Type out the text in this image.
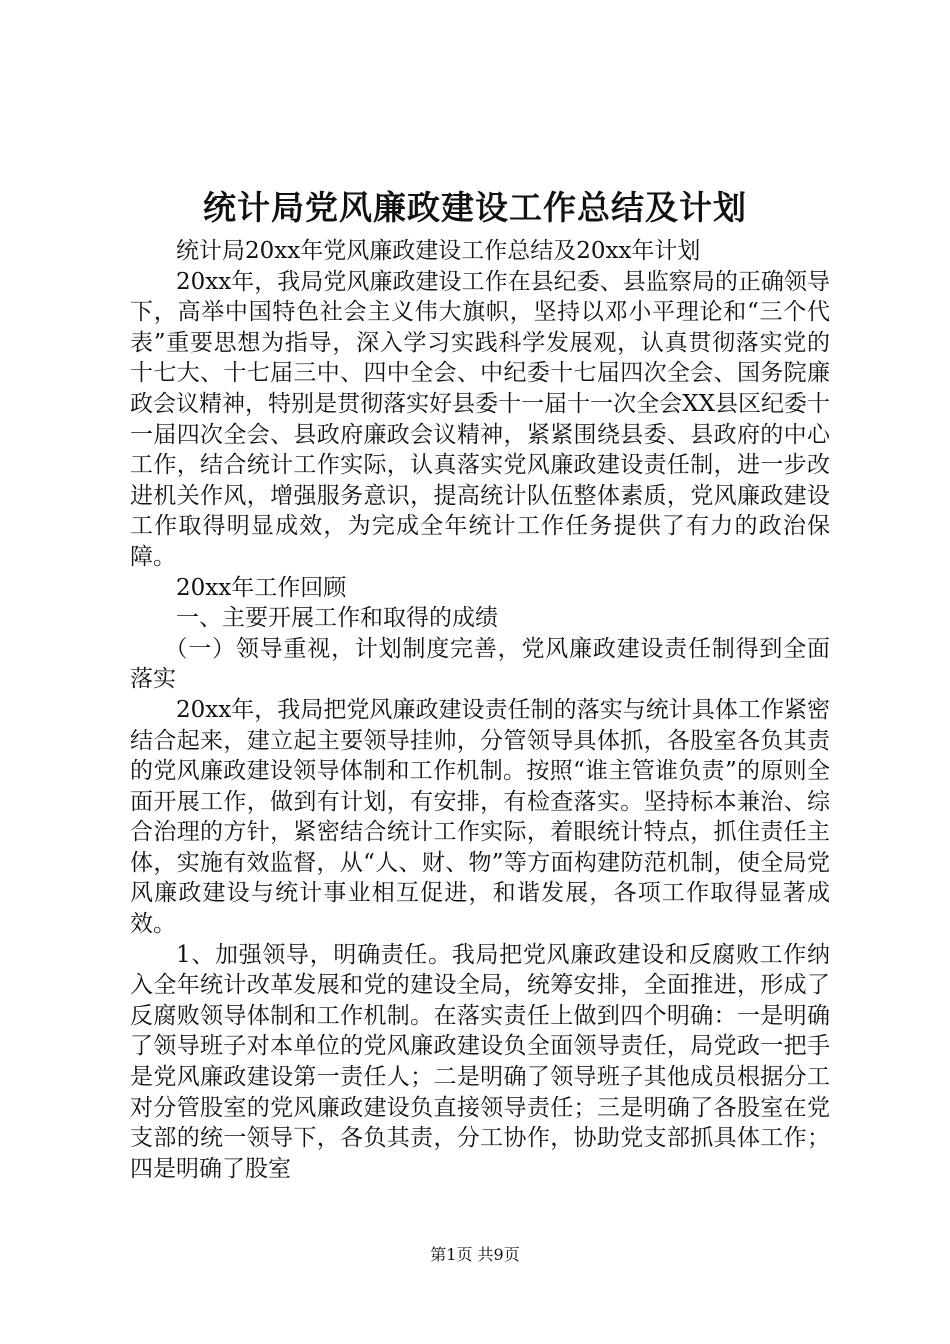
统计局党风廉政建设工作总结及计划

统计局20xx年党风廉政建设工作总结及20xx年计划

20xx年，我局党风廉政建设工作在县纪委、县监察局的正确领导下，高举中国特色社会主义伟大旗帜，坚持以邓小平理论和“三个代表”重要思想为指导，深入学习实践科学发展观，认真贯彻落实党的十七大、十七届三中、四中全会、中纪委十七届四次全会、国务院廉政会议精神，特别是贯彻落实好县委十一届十一次全会XX县区纪委十一届四次全会、县政府廉政会议精神，紧紧围绕县委、县政府的中心工作，结合统计工作实际，认真落实党风廉政建设责任制，进一步改进机关作风，增强服务意识，提高统计队伍整体素质，党风廉政建设工作取得明显成效，为完成全年统计工作任务提供了有力的政治保障。

20xx年工作回顾

一、主要开展工作和取得的成绩

（一）领导重视，计划制度完善，党风廉政建设责任制得到全面落实

20xx年，我局把党风廉政建设责任制的落实与统计具体工作紧密结合起来，建立起主要领导挂帅，分管领导具体抓，各股室各负其责的党风廉政建设领导体制和工作机制。按照“谁主管谁负责”的原则全面开展工作，做到有计划，有安排，有检查落实。坚持标本兼治、综合治理的方针，紧密结合统计工作实际，着眼统计特点，抓住责任主体，实施有效监督，从“人、财、物”等方面构建防范机制，使全局党风廉政建设与统计事业相互促进，和谐发展，各项工作取得显著成效。

1、加强领导，明确责任。我局把党风廉政建设和反腐败工作纳入全年统计改革发展和党的建设全局，统筹安排，全面推进，形成了反腐败领导体制和工作机制。在落实责任上做到四个明确：一是明确了领导班子对本单位的党风廉政建设负全面领导责任，局党政一把手是党风廉政建设第一责任人；二是明确了领导班子其他成员根据分工对分管股室的党风廉政建设负直接领导责任；三是明确了各股室在党支部的统一领导下，各负其责，分工协作，协助党支部抓具体工作；四是明确了股室

第1页 共9页
